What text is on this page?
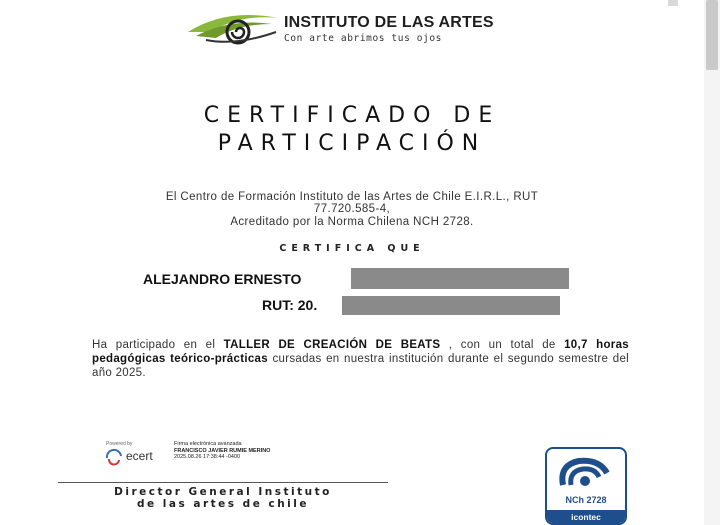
INSTITUTO DE LAS ARTES
Con arte abrimos tus ojos
CERTIFICADO DE
PARTICIPACIÓN
El Centro de Formación Instituto de las Artes de Chile E.I.R.L., RUT
77.720.585-4,
Acreditado por la Norma Chilena NCH 2728.
CERTIFICA QUE
ALEJANDRO ERNESTO
RUT: 20.
Ha participado en el TALLER DE CREACIÓN DE BEATS , con un total de 10,7 horas pedagógicas teórico-prácticas cursadas en nuestra institución durante el segundo semestre del año 2025.
Powered by
ecert
Firma electrónica avanzada
FRANCISCO JAVIER RUMIE MERINO
2025.08.26 17:38:44 -0400
Director General Instituto
de las artes de chile	NCh 2728
icontec
